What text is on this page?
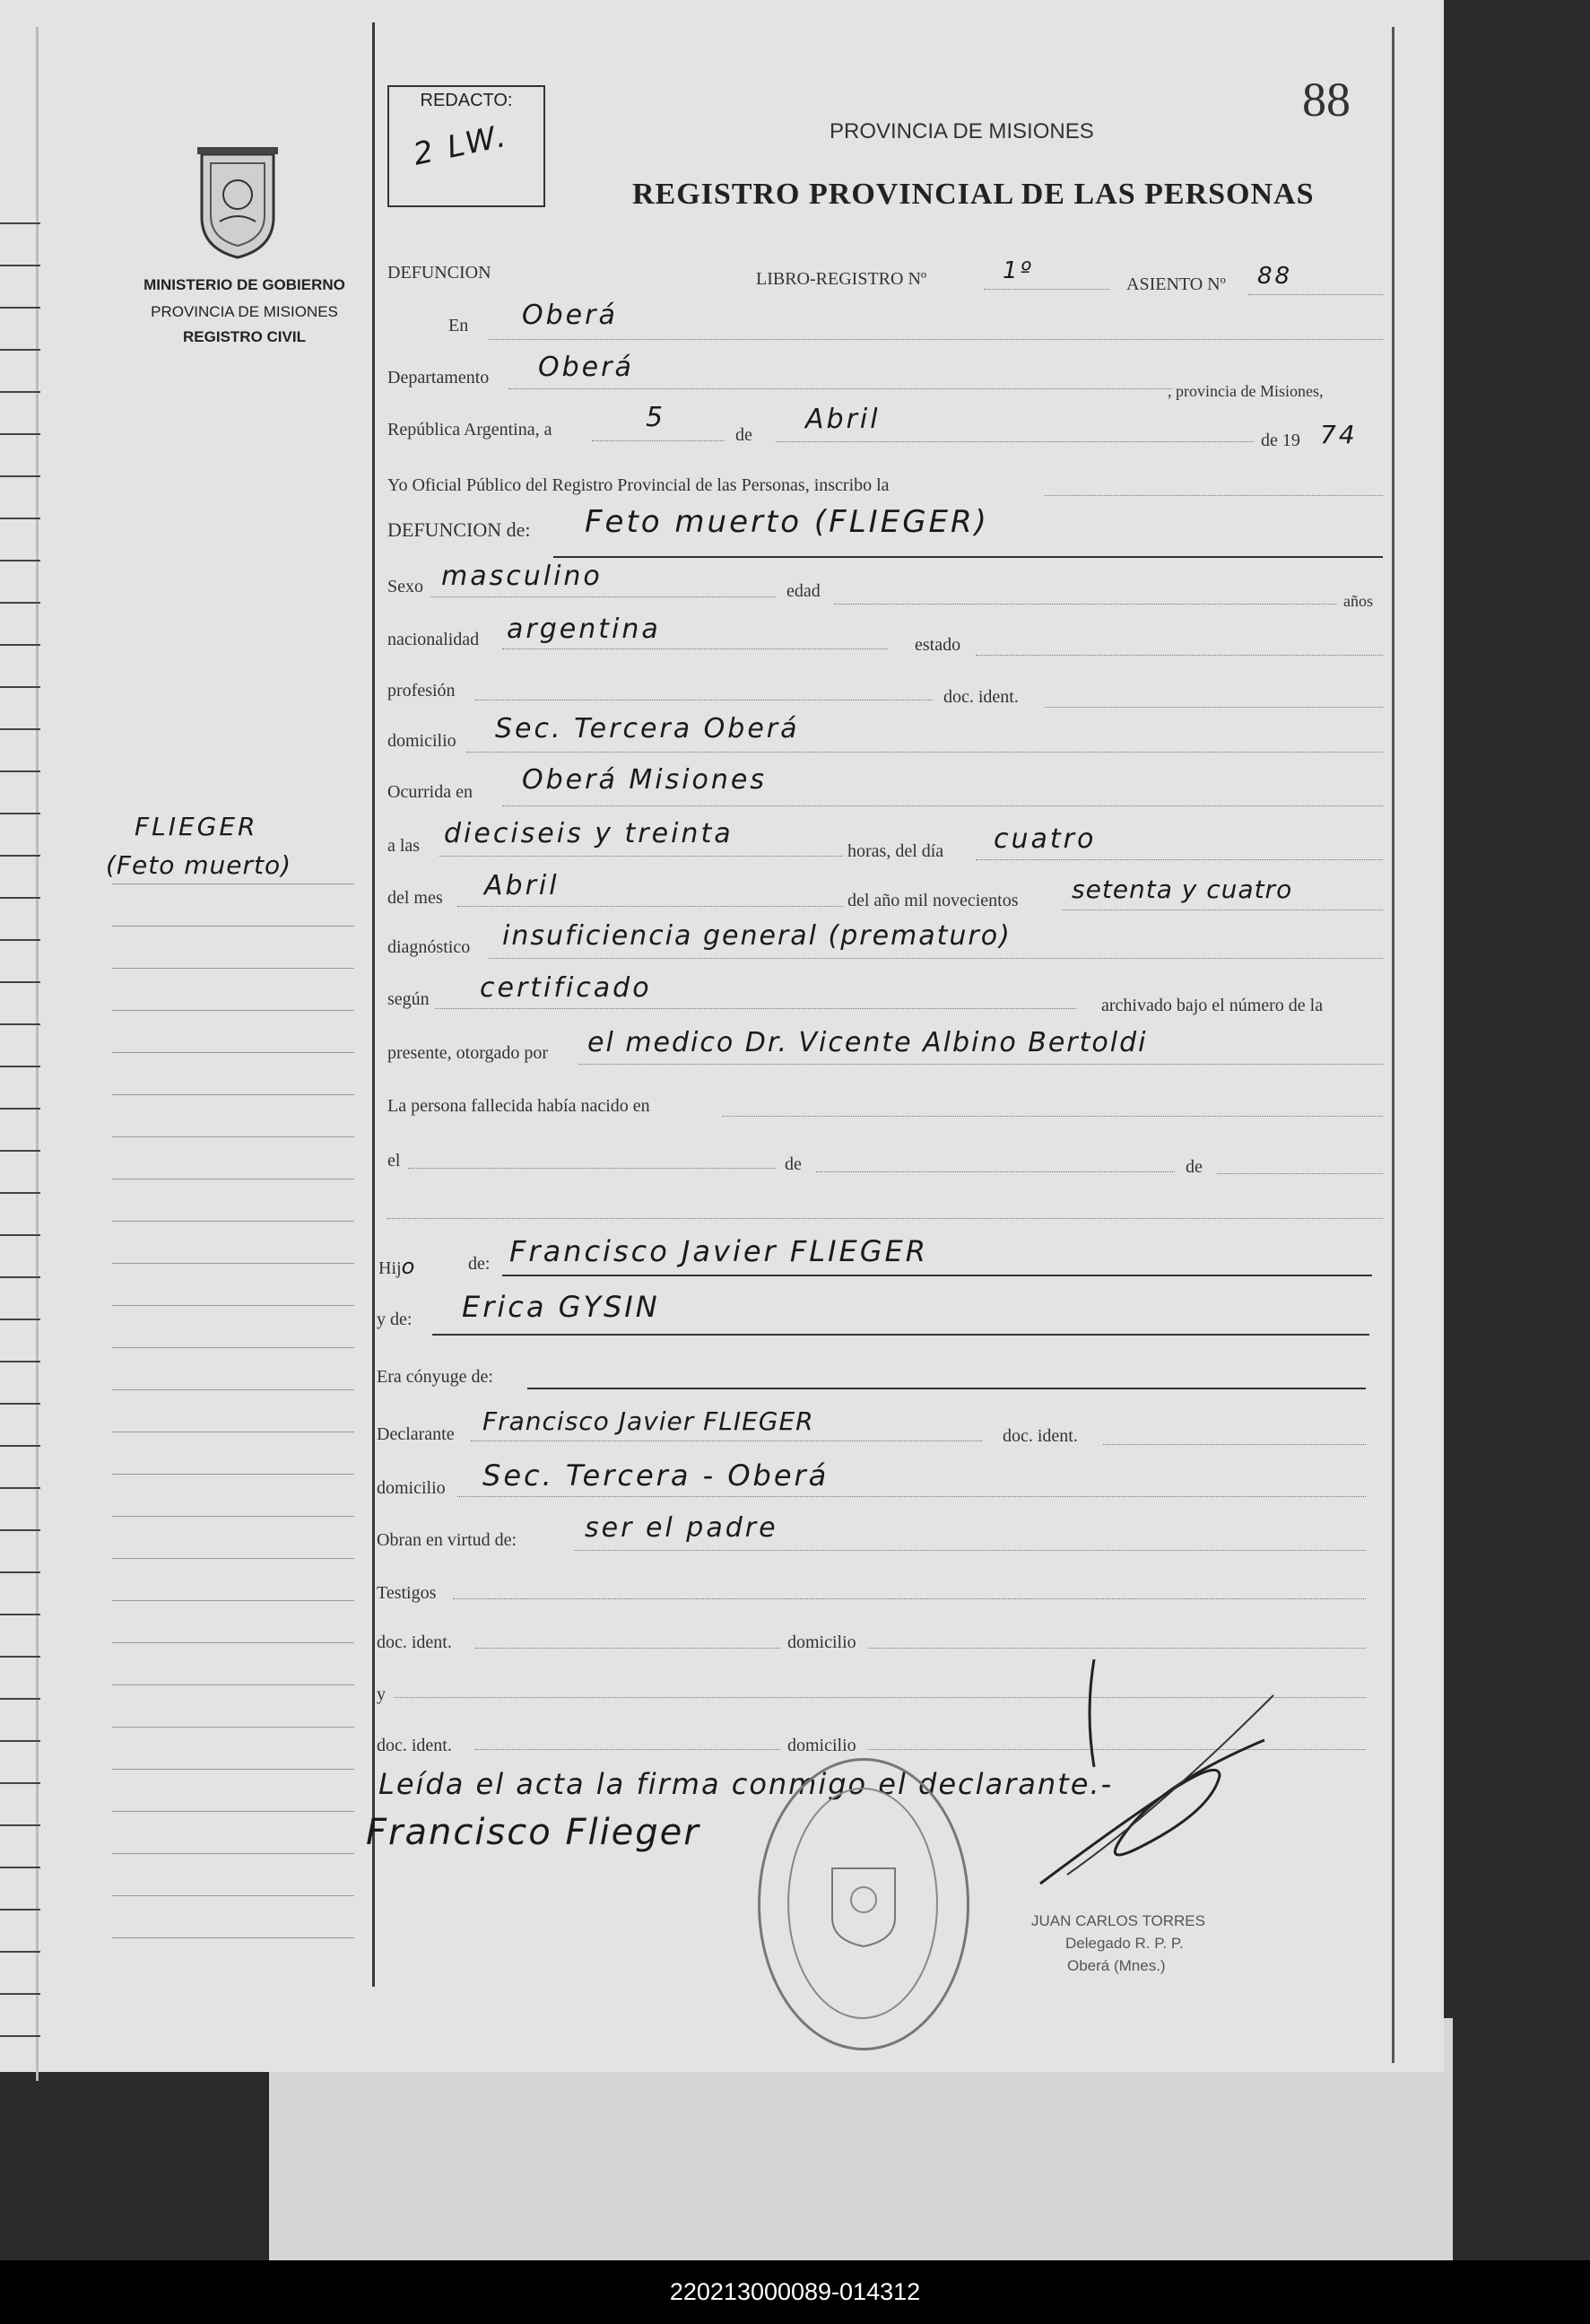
REDACTO:
2 LW.
88
PROVINCIA DE MISIONES
REGISTRO PROVINCIAL DE LAS PERSONAS
MINISTERIO DE GOBIERNO
PROVINCIA DE MISIONES
REGISTRO CIVIL
FLIEGER
(Feto muerto)
DEFUNCION	LIBRO-REGISTRO Nº	1º	ASIENTO Nº 88
En Oberá
Departamento Oberá
, provincia de Misiones,
República Argentina, a	5
de Abril
de 19 74
Yo Oficial Público del Registro Provincial de las Personas, inscribo la
DEFUNCION de: Feto muerto (FLIEGER)
Sexo masculino	edad	años
nacionalidad argentina	estado
profesión	doc. ident.
domicilio Sec. Tercera Oberá
Ocurrida en Oberá Misiones
a las dieciseis y treinta
horas, del día cuatro
del mes Abril	del año mil novecientos setenta y cuatro
diagnóstico insuficiencia general (prematuro)
según certificado
archivado bajo el número de la
presente, otorgado por el medico Dr. Vicente Albino Bertoldi
La persona fallecida había nacido en
el	de	de
Hijo	de: Francisco Javier FLIEGER
y de: Erica GYSIN
Era cónyuge de:
Declarante Francisco Javier FLIEGER	doc. ident.
domicilio Sec. Tercera - Oberá
Obran en virtud de:	ser el padre
Testigos
doc. ident.	domicilio
y
doc. ident.	domicilio
Leída el acta la firma conmigo el declarante.-
Francisco Flieger
JUAN CARLOS TORRES
Delegado R. P. P.
Oberá (Mnes.)
220213000089-014312
